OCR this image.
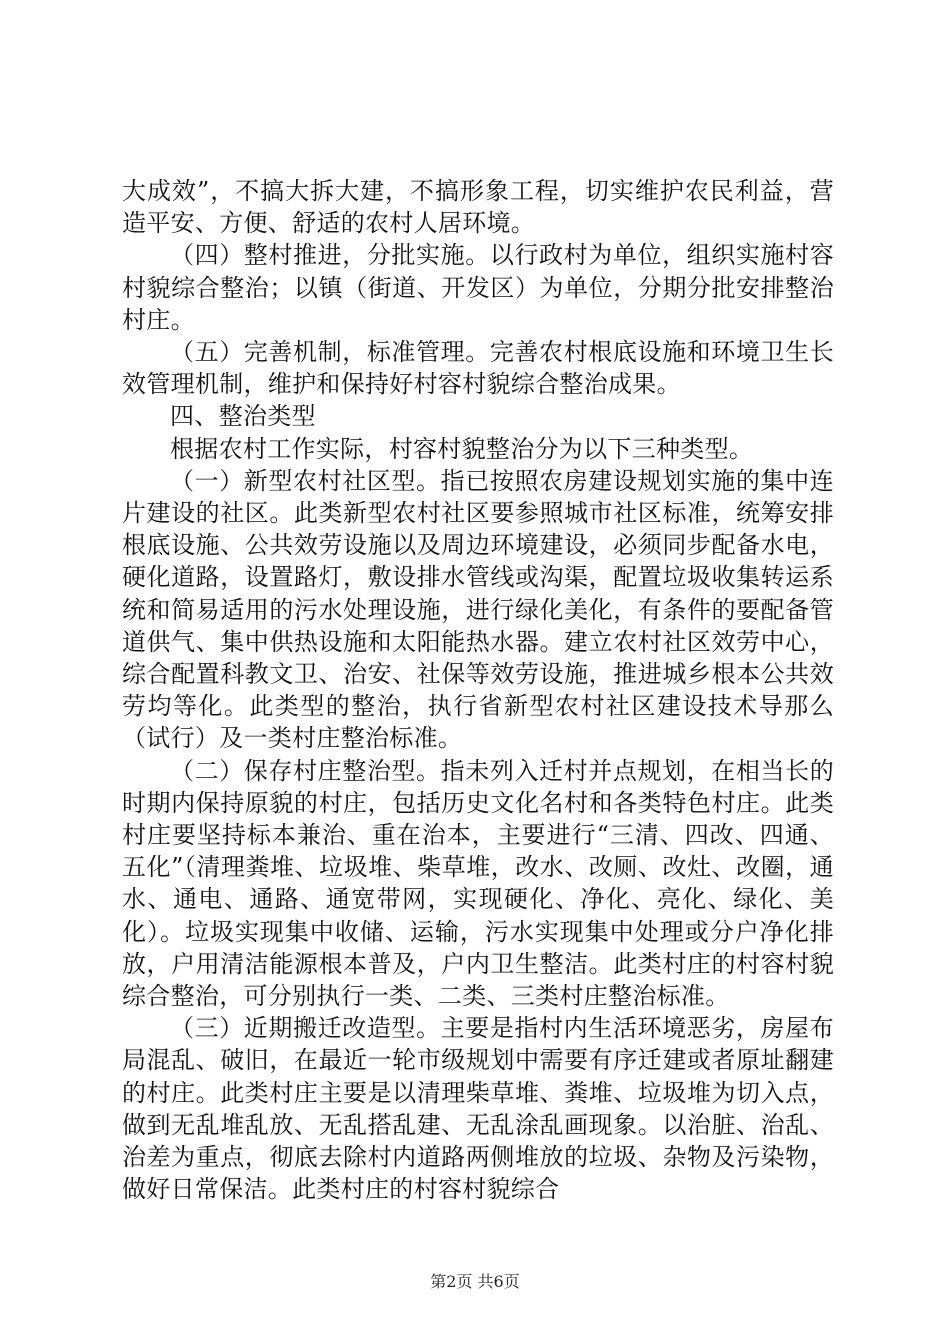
大成效”，不搞大拆大建，不搞形象工程，切实维护农民利益，营造平安、方便、舒适的农村人居环境。

（四）整村推进，分批实施。以行政村为单位，组织实施村容村貌综合整治；以镇（街道、开发区）为单位，分期分批安排整治村庄。

（五）完善机制，标准管理。完善农村根底设施和环境卫生长效管理机制，维护和保持好村容村貌综合整治成果。

四、整治类型

根据农村工作实际，村容村貌整治分为以下三种类型。

（一）新型农村社区型。指已按照农房建设规划实施的集中连片建设的社区。此类新型农村社区要参照城市社区标准，统筹安排根底设施、公共效劳设施以及周边环境建设，必须同步配备水电，硬化道路，设置路灯，敷设排水管线或沟渠，配置垃圾收集转运系统和简易适用的污水处理设施，进行绿化美化，有条件的要配备管道供气、集中供热设施和太阳能热水器。建立农村社区效劳中心，综合配置科教文卫、治安、社保等效劳设施，推进城乡根本公共效劳均等化。此类型的整治，执行省新型农村社区建设技术导那么（试行）及一类村庄整治标准。

（二）保存村庄整治型。指未列入迁村并点规划，在相当长的时期内保持原貌的村庄，包括历史文化名村和各类特色村庄。此类村庄要坚持标本兼治、重在治本，主要进行“三清、四改、四通、五化”（清理粪堆、垃圾堆、柴草堆，改水、改厕、改灶、改圈，通水、通电、通路、通宽带网，实现硬化、净化、亮化、绿化、美化）。垃圾实现集中收储、运输，污水实现集中处理或分户净化排放，户用清洁能源根本普及，户内卫生整洁。此类村庄的村容村貌综合整治，可分别执行一类、二类、三类村庄整治标准。

（三）近期搬迁改造型。主要是指村内生活环境恶劣，房屋布局混乱、破旧，在最近一轮市级规划中需要有序迁建或者原址翻建的村庄。此类村庄主要是以清理柴草堆、粪堆、垃圾堆为切入点，做到无乱堆乱放、无乱搭乱建、无乱涂乱画现象。以治脏、治乱、治差为重点，彻底去除村内道路两侧堆放的垃圾、杂物及污染物，做好日常保洁。此类村庄的村容村貌综合

第2页 共6页
